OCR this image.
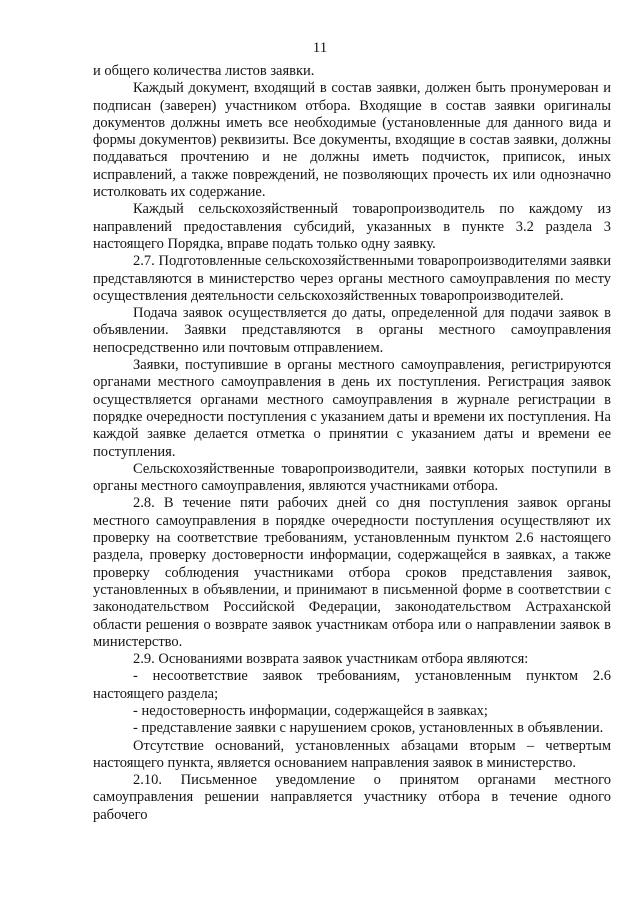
11

и общего количества листов заявки.

Каждый документ, входящий в состав заявки, должен быть пронумерован и подписан (заверен) участником отбора. Входящие в состав заявки оригиналы документов должны иметь все необходимые (установленные для данного вида и формы документов) реквизиты. Все документы, входящие в состав заявки, должны поддаваться прочтению и не должны иметь подчисток, приписок, иных исправлений, а также повреждений, не позволяющих прочесть их или однозначно истолковать их содержание.

Каждый сельскохозяйственный товаропроизводитель по каждому из направлений предоставления субсидий, указанных в пункте 3.2 раздела 3 настоящего Порядка, вправе подать только одну заявку.

2.7. Подготовленные сельскохозяйственными товаропроизводителями заявки представляются в министерство через органы местного самоуправления по месту осуществления деятельности сельскохозяйственных товаропроизводителей.

Подача заявок осуществляется до даты, определенной для подачи заявок в объявлении. Заявки представляются в органы местного самоуправления непосредственно или почтовым отправлением.

Заявки, поступившие в органы местного самоуправления, регистрируются органами местного самоуправления в день их поступления. Регистрация заявок осуществляется органами местного самоуправления в журнале регистрации в порядке очередности поступления с указанием даты и времени их поступления. На каждой заявке делается отметка о принятии с указанием даты и времени ее поступления.

Сельскохозяйственные товаропроизводители, заявки которых поступили в органы местного самоуправления, являются участниками отбора.

2.8. В течение пяти рабочих дней со дня поступления заявок органы местного самоуправления в порядке очередности поступления осуществляют их проверку на соответствие требованиям, установленным пунктом 2.6 настоящего раздела, проверку достоверности информации, содержащейся в заявках, а также проверку соблюдения участниками отбора сроков представления заявок, установленных в объявлении, и принимают в письменной форме в соответствии с законодательством Российской Федерации, законодательством Астраханской области решения о возврате заявок участникам отбора или о направлении заявок в министерство.

2.9. Основаниями возврата заявок участникам отбора являются:

- несоответствие заявок требованиям, установленным пунктом 2.6 настоящего раздела;

- недостоверность информации, содержащейся в заявках;

- представление заявки с нарушением сроков, установленных в объявлении.

Отсутствие оснований, установленных абзацами вторым – четвертым настоящего пункта, является основанием направления заявок в министерство.

2.10. Письменное уведомление о принятом органами местного самоуправления решении направляется участнику отбора в течение одного рабочего
